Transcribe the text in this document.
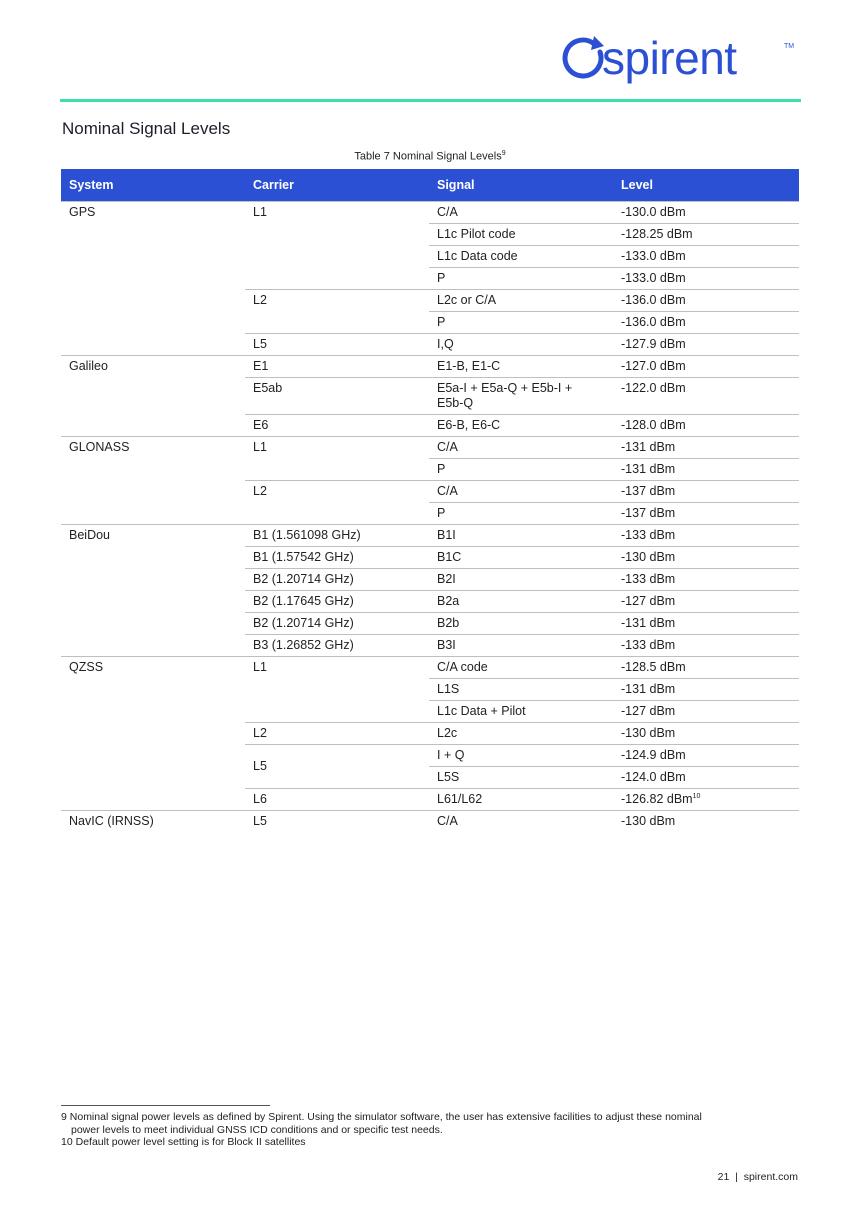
spirent	TM
Nominal Signal Levels
Table 7 Nominal Signal Levels$^9$
System	Carrier	Signal	Level
GPS	L1	C/A	-130.0 dBm
		L1c Pilot code	-128.25 dBm
		L1c Data code	-133.0 dBm
		P	-133.0 dBm
	L2	L2c or C/A	-136.0 dBm
		P	-136.0 dBm
	L5	I,Q	-127.9 dBm
Galileo	E1	E1-B, E1-C	-127.0 dBm
	E5ab	E5a-I + E5a-Q + E5b-I + E5b-Q	-122.0 dBm
	E6	E6-B, E6-C	-128.0 dBm
GLONASS	L1	C/A	-131 dBm
		P	-131 dBm
	L2	C/A	-137 dBm
		P	-137 dBm
BeiDou	B1 (1.561098 GHz)	B1I	-133 dBm
	B1 (1.57542 GHz)	B1C	-130 dBm
	B2 (1.20714 GHz)	B2I	-133 dBm
	B2 (1.17645 GHz)	B2a	-127 dBm
	B2 (1.20714 GHz)	B2b	-131 dBm
	B3 (1.26852 GHz)	B3I	-133 dBm
QZSS	L1	C/A code	-128.5 dBm
		L1S	-131 dBm
		L1c Data + Pilot	-127 dBm
	L2	L2c	-130 dBm
	L5	I + Q	-124.9 dBm
		L5S	-124.0 dBm
	L6	L61/L62	-126.82 dBm$^{10}$
NavIC (IRNSS)	L5	C/A	-130 dBm

9 Nominal signal power levels as defined by Spirent. Using the simulator software, the user has extensive facilities to adjust these nominal

power levels to meet individual GNSS ICD conditions and or specific test needs.

10 Default power level setting is for Block II satellites

21 | spirent.com
